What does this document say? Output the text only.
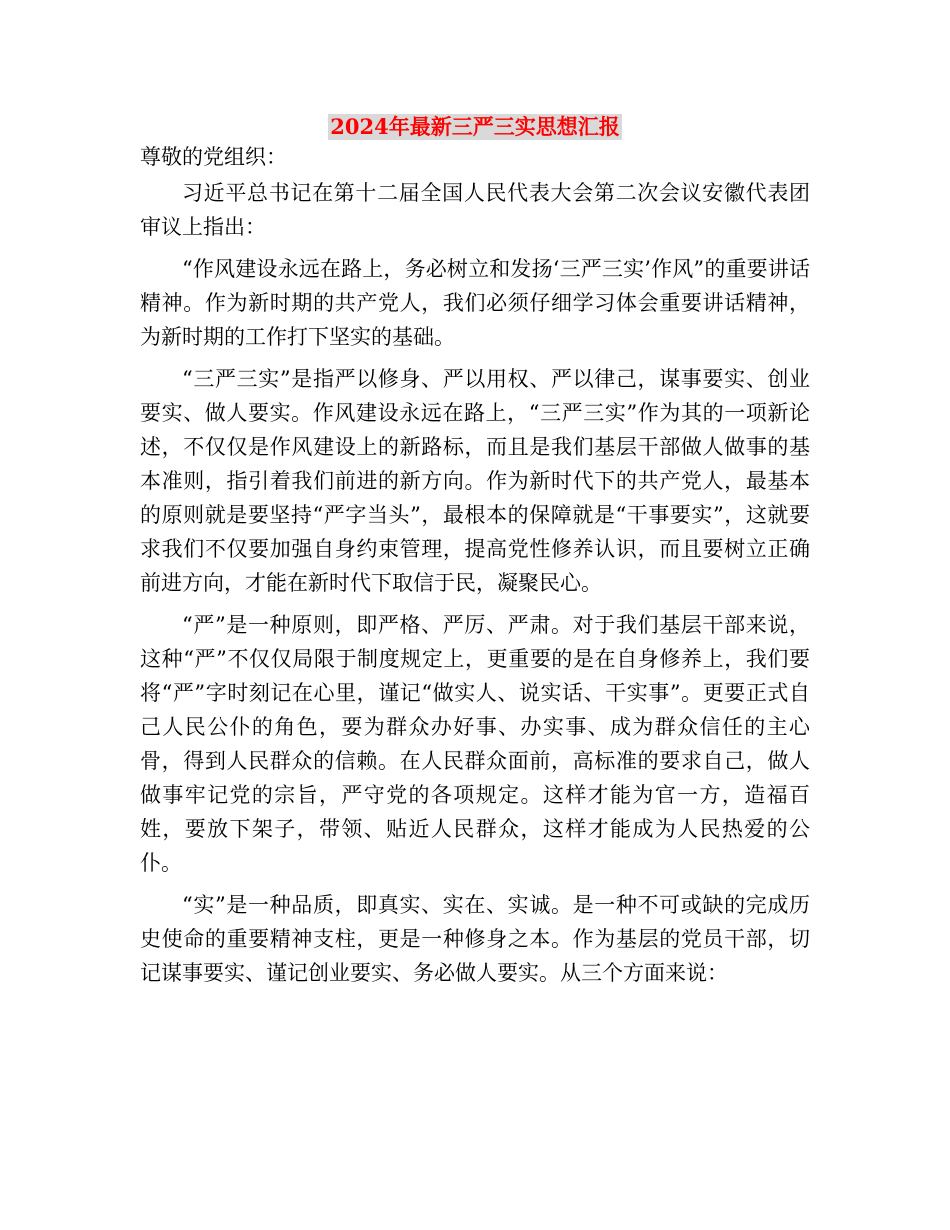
2024年最新三严三实思想汇报

尊敬的党组织：

习近平总书记在第十二届全国人民代表大会第二次会议安徽代表团审议上指出：

“作风建设永远在路上，务必树立和发扬‘三严三实’作风”的重要讲话精神。作为新时期的共产党人，我们必须仔细学习体会重要讲话精神，为新时期的工作打下坚实的基础。

“三严三实”是指严以修身、严以用权、严以律己，谋事要实、创业要实、做人要实。作风建设永远在路上，“三严三实”作为其的一项新论述，不仅仅是作风建设上的新路标，而且是我们基层干部做人做事的基本准则，指引着我们前进的新方向。作为新时代下的共产党人，最基本的原则就是要坚持“严字当头”，最根本的保障就是“干事要实”，这就要求我们不仅要加强自身约束管理，提高党性修养认识，而且要树立正确前进方向，才能在新时代下取信于民，凝聚民心。

“严”是一种原则，即严格、严厉、严肃。对于我们基层干部来说，这种“严”不仅仅局限于制度规定上，更重要的是在自身修养上，我们要将“严”字时刻记在心里，谨记“做实人、说实话、干实事”。更要正式自己人民公仆的角色，要为群众办好事、办实事、成为群众信任的主心骨，得到人民群众的信赖。在人民群众面前，高标准的要求自己，做人做事牢记党的宗旨，严守党的各项规定。这样才能为官一方，造福百姓，要放下架子，带领、贴近人民群众，这样才能成为人民热爱的公仆。

“实”是一种品质，即真实、实在、实诚。是一种不可或缺的完成历史使命的重要精神支柱，更是一种修身之本。作为基层的党员干部，切记谋事要实、谨记创业要实、务必做人要实。从三个方面来说：
